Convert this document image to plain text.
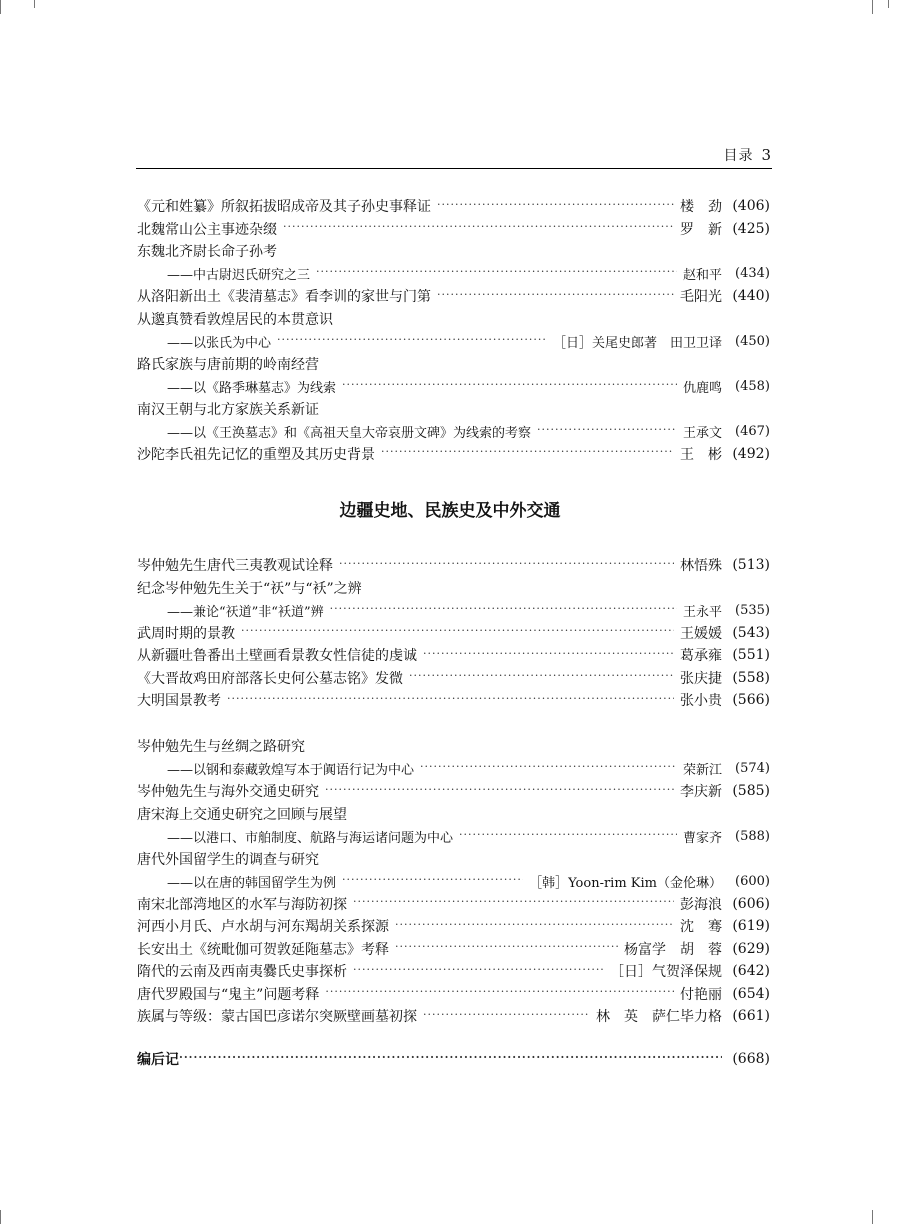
目录 3
《元和姓纂》所叙拓拔昭成帝及其子孙史事释证 ·····	楼　劲 (406)
北魏常山公主事迹杂缀 ·····	罗　新 (425)
东魏北齐尉长命子孙考
——中古尉迟氏研究之三 ·····	赵和平	(434)
从洛阳新出土《裴清墓志》看李训的家世与门第 ·····	毛阳光 (440)
从邈真赞看敦煌居民的本贯意识
——以张氏为中心 ·····	［日］关尾史郎著　田卫卫译	(450)
路氏家族与唐前期的岭南经营
——以《路季琳墓志》为线索 ·····	仇鹿鸣	(458)
南汉王朝与北方家族关系新证
——以《王涣墓志》和《高祖天皇大帝哀册文碑》为线索的考察 ·····	王承文	(467)
沙陀李氏祖先记忆的重塑及其历史背景 ·····	王　彬 (492)
边疆史地、民族史及中外交通
岑仲勉先生唐代三夷教观试诠释 ·····	林悟殊 (513)
纪念岑仲勉先生关于“祆”与“袄”之辨
——兼论“祆道”非“袄道”辨 ·····	王永平	(535)
武周时期的景教 ·····	王媛媛 (543)
从新疆吐鲁番出土壁画看景教女性信徒的虔诚 ·····	葛承雍 (551)
《大晋故鸡田府部落长史何公墓志铭》发微 ·····	张庆捷 (558)
大明国景教考 ·····	张小贵 (566)
岑仲勉先生与丝绸之路研究
——以钢和泰藏敦煌写本于阗语行记为中心 ·····	荣新江	(574)
岑仲勉先生与海外交通史研究 ·····	李庆新 (585)
唐宋海上交通史研究之回顾与展望
——以港口、市舶制度、航路与海运诸问题为中心 ·····	曹家齐	(588)
唐代外国留学生的调查与研究
——以在唐的韩国留学生为例 ·····	［韩］Yoon-rim Kim（金伦琳）	(600)
南宋北部湾地区的水军与海防初探 ·····	彭海浪 (606)
河西小月氏、卢水胡与河东羯胡关系探源 ·····	沈　骞 (619)
长安出土《统毗伽可贺敦延陁墓志》考释 ·····	杨富学　胡　蓉 (629)
隋代的云南及西南夷爨氏史事探析 ·····	［日］气贺泽保规 (642)
唐代罗殿国与“鬼主”问题考释 ·····	付艳丽 (654)
族属与等级：蒙古国巴彦诺尔突厥壁画墓初探 ·····	林　英　萨仁毕力格 (661)
编后记 ·····	(668)
